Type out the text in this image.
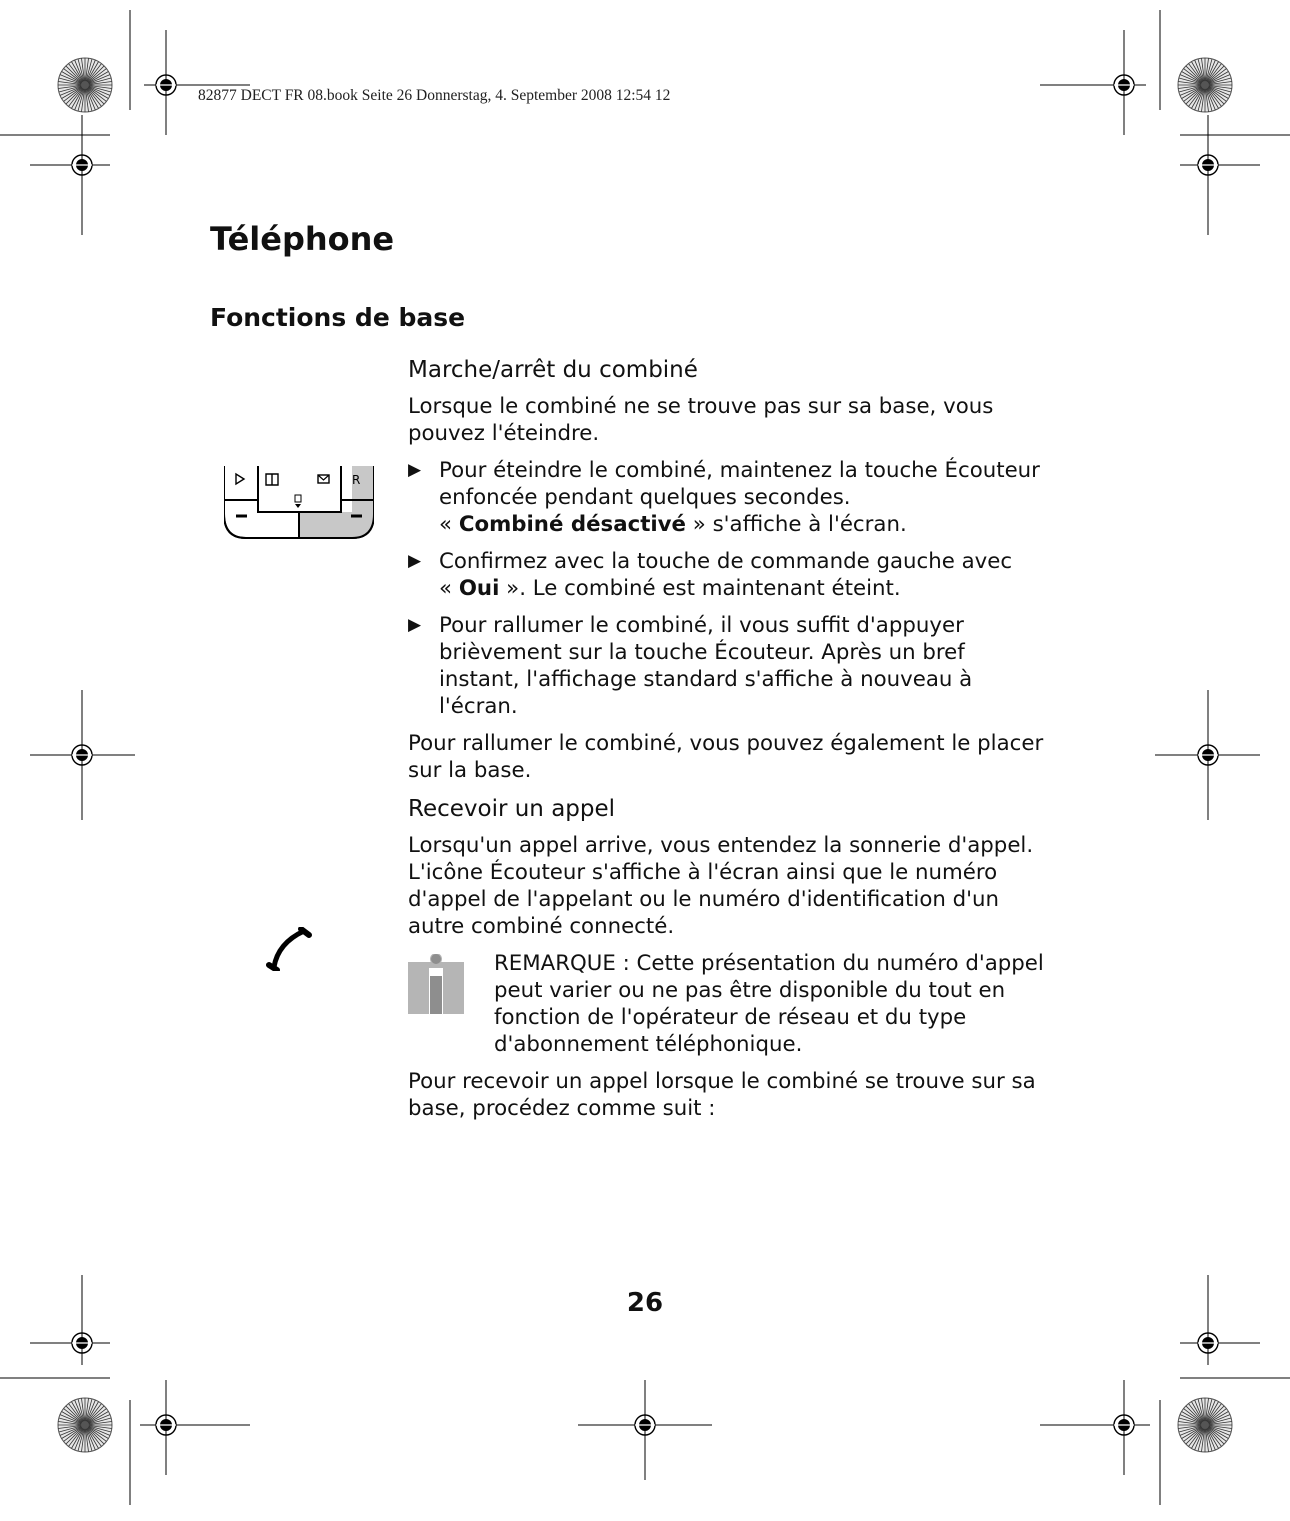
82877 DECT FR 08.book Seite 26 Donnerstag, 4. September 2008 12:54 12
Téléphone
Fonctions de base
R
Marche/arrêt du combiné

Lorsque le combiné ne se trouve pas sur sa base, vous pouvez l'éteindre.

▶ Pour éteindre le combiné, maintenez la touche Écouteur enfoncée pendant quelques secondes.
« Combiné désactivé » s'affiche à l'écran.
▶ Confirmez avec la touche de commande gauche avec
« Oui ». Le combiné est maintenant éteint.
▶ Pour rallumer le combiné, il vous suffit d'appuyer brièvement sur la touche Écouteur. Après un bref instant, l'affichage standard s'affiche à nouveau à l'écran.

Pour rallumer le combiné, vous pouvez également le placer sur la base.

Recevoir un appel

Lorsqu'un appel arrive, vous entendez la sonnerie d'appel. L'icône Écouteur s'affiche à l'écran ainsi que le numéro d'appel de l'appelant ou le numéro d'identification d'un autre combiné connecté.

REMARQUE : Cette présentation du numéro d'appel peut varier ou ne pas être disponible du tout en fonction de l'opérateur de réseau et du type d'abonnement téléphonique.

Pour recevoir un appel lorsque le combiné se trouve sur sa base, procédez comme suit :

26
